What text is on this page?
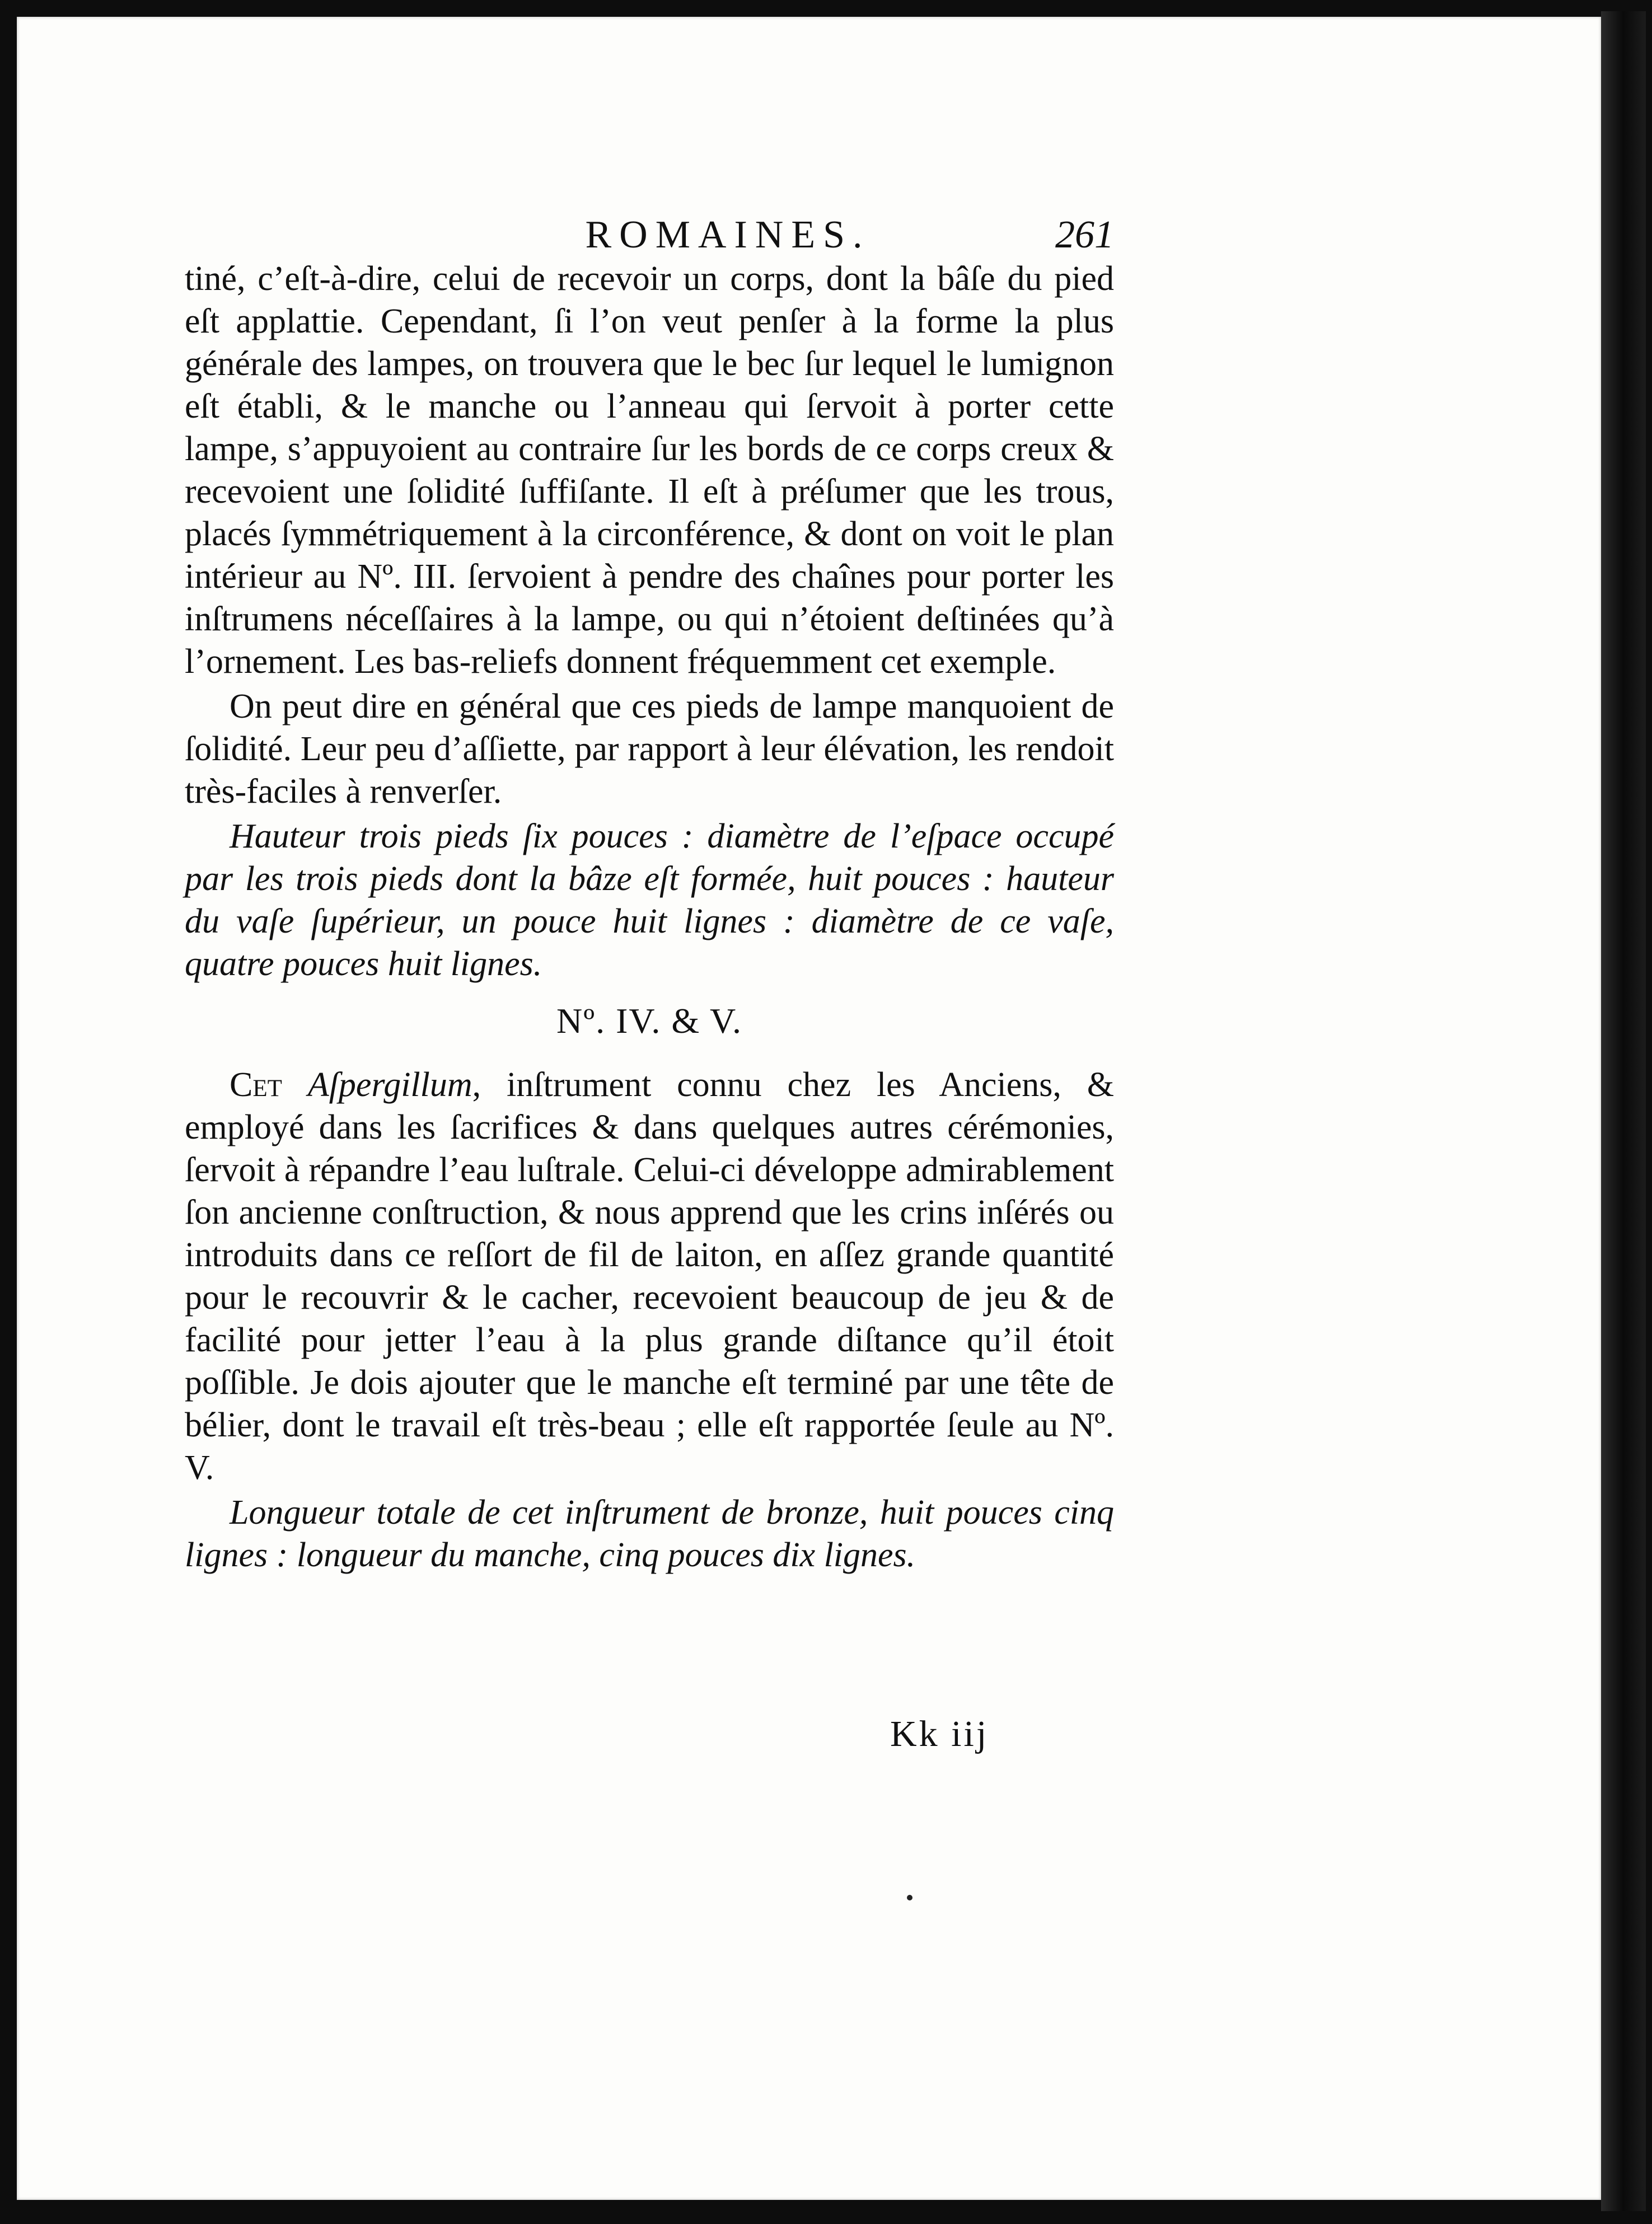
ROMAINES.	261

tiné, c’eſt-à-dire, celui de recevoir un corps, dont la bâſe du pied eſt applattie. Cependant, ſi l’on veut penſer à la forme la plus générale des lampes, on trouvera que le bec ſur lequel le lumignon eſt établi, & le manche ou l’anneau qui ſervoit à porter cette lampe, s’appuyoient au contraire ſur les bords de ce corps creux & recevoient une ſolidité ſuffiſante. Il eſt à préſumer que les trous, placés ſymmétriquement à la circonférence, & dont on voit le plan intérieur au Nº. III. ſervoient à pendre des chaînes pour porter les inſtrumens néceſſaires à la lampe, ou qui n’étoient deſtinées qu’à l’ornement. Les bas-reliefs donnent fréquemment cet exemple.

On peut dire en général que ces pieds de lampe manquoient de ſolidité. Leur peu d’aſſiette, par rapport à leur élévation, les rendoit très-faciles à renverſer.

Hauteur trois pieds ſix pouces : diamètre de l’eſpace occupé par les trois pieds dont la bâze eſt formée, huit pouces : hauteur du vaſe ſupérieur, un pouce huit lignes : diamètre de ce vaſe, quatre pouces huit lignes.

Nº. IV. & V.

Cet Aſpergillum, inſtrument connu chez les Anciens, & employé dans les ſacrifices & dans quelques autres cérémonies, ſervoit à répandre l’eau luſtrale. Celui-ci développe admirablement ſon ancienne conſtruction, & nous apprend que les crins inſérés ou introduits dans ce reſſort de fil de laiton, en aſſez grande quantité pour le recouvrir & le cacher, recevoient beaucoup de jeu & de facilité pour jetter l’eau à la plus grande diſtance qu’il étoit poſſible. Je dois ajouter que le manche eſt terminé par une tête de bélier, dont le travail eſt très-beau ; elle eſt rapportée ſeule au Nº. V.

Longueur totale de cet inſtrument de bronze, huit pouces cinq lignes : longueur du manche, cinq pouces dix lignes.

Kk iij
